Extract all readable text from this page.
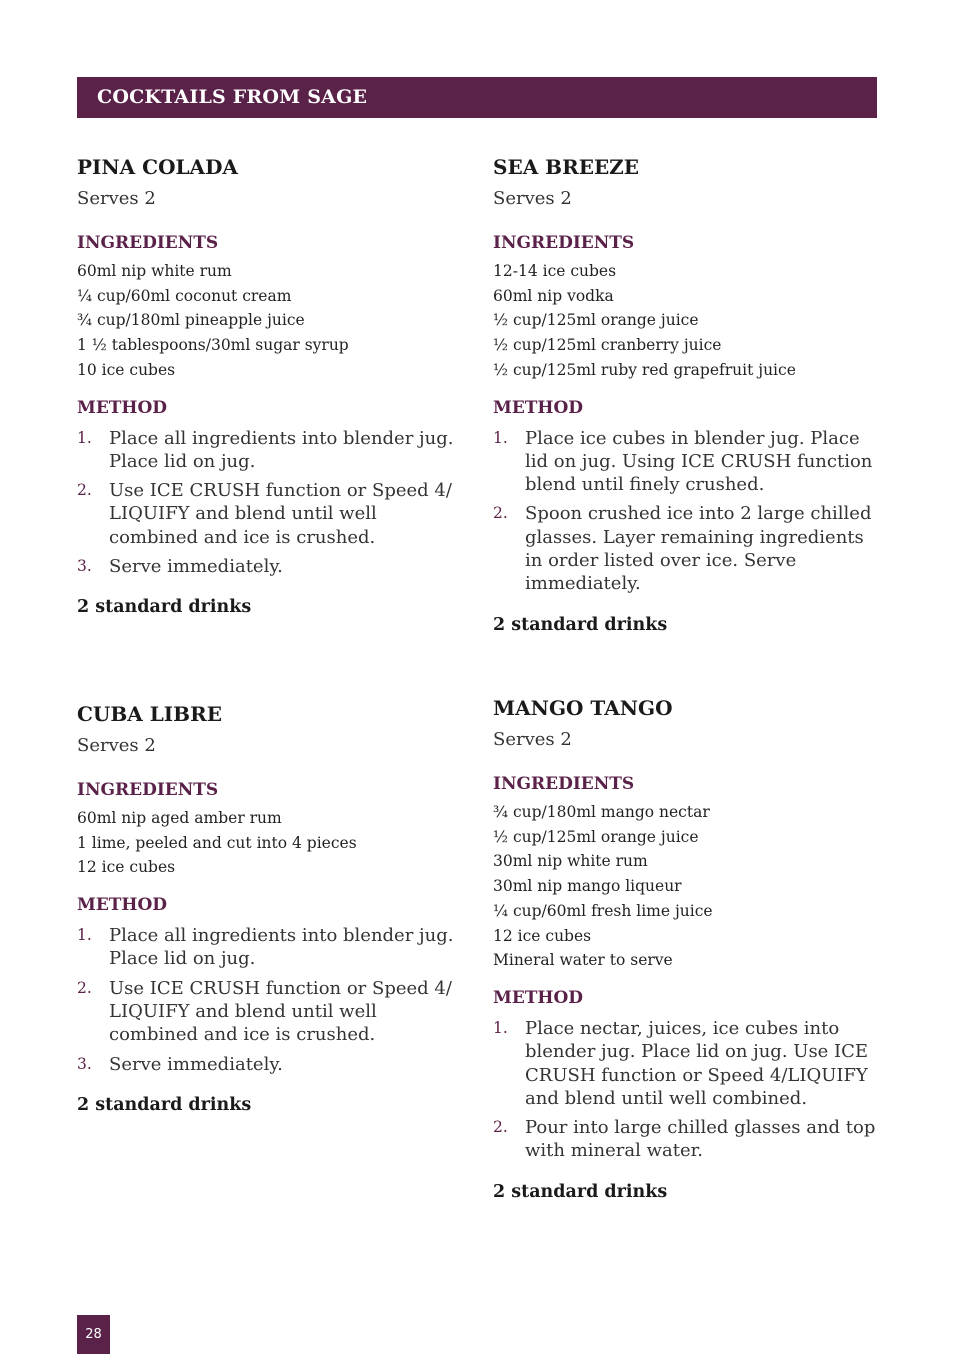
COCKTAILS FROM SAGE
PINA COLADA
Serves 2
INGREDIENTS
60ml nip white rum
¼ cup/60ml coconut cream
¾ cup/180ml pineapple juice
1 ½ tablespoons/30ml sugar syrup
10 ice cubes
METHOD
1. Place all ingredients into blender jug. Place lid on jug.
2. Use ICE CRUSH function or Speed 4/ LIQUIFY and blend until well combined and ice is crushed.
3. Serve immediately.
2 standard drinks
SEA BREEZE
Serves 2
INGREDIENTS
12-14 ice cubes
60ml nip vodka
½ cup/125ml orange juice
½ cup/125ml cranberry juice
½ cup/125ml ruby red grapefruit juice
METHOD
1. Place ice cubes in blender jug. Place lid on jug. Using ICE CRUSH function blend until finely crushed.
2. Spoon crushed ice into 2 large chilled glasses. Layer remaining ingredients in order listed over ice. Serve immediately.
2 standard drinks
CUBA LIBRE
Serves 2
INGREDIENTS
60ml nip aged amber rum
1 lime, peeled and cut into 4 pieces
12 ice cubes
METHOD
1. Place all ingredients into blender jug. Place lid on jug.
2. Use ICE CRUSH function or Speed 4/ LIQUIFY and blend until well combined and ice is crushed.
3. Serve immediately.
2 standard drinks
MANGO TANGO
Serves 2
INGREDIENTS
¾ cup/180ml mango nectar
½ cup/125ml orange juice
30ml nip white rum
30ml nip mango liqueur
¼ cup/60ml fresh lime juice
12 ice cubes
Mineral water to serve
METHOD
1. Place nectar, juices, ice cubes into blender jug. Place lid on jug. Use ICE CRUSH function or Speed 4/LIQUIFY and blend until well combined.
2. Pour into large chilled glasses and top with mineral water.
2 standard drinks
28
